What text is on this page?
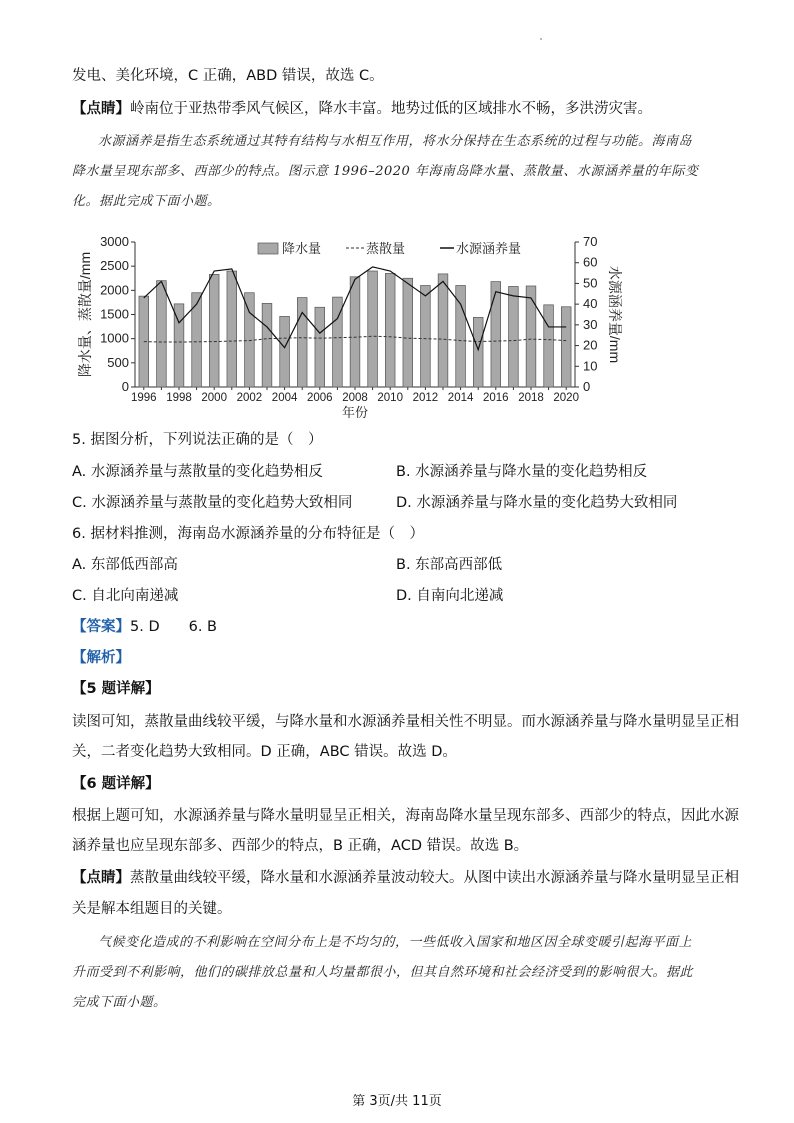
发电、美化环境，C 正确，ABD 错误，故选 C。
【点睛】岭南位于亚热带季风气候区，降水丰富。地势过低的区域排水不畅，多洪涝灾害。
水源涵养是指生态系统通过其特有结构与水相互作用，将水分保持在生态系统的过程与功能。海南岛
降水量呈现东部多、西部少的特点。图示意 1996–2020 年海南岛降水量、蒸散量、水源涵养量的年际变
化。据此完成下面小题。
0
500
1000
1500
2000
2500
3000
0
10
20
30
40
50
60
70
1996 1998 2000 2002 2004 2006 2008 2010 2012 2014 2016 2018 2020
降水量	蒸散量	水源涵养量
降水量、蒸散量/mm	水源涵养量/mm
年份
5. 据图分析，下列说法正确的是（　）
A. 水源涵养量与蒸散量的变化趋势相反	B. 水源涵养量与降水量的变化趋势相反
C. 水源涵养量与蒸散量的变化趋势大致相同	D. 水源涵养量与降水量的变化趋势大致相同
6. 据材料推测，海南岛水源涵养量的分布特征是（　）
A. 东部低西部高	B. 东部高西部低
C. 自北向南递减	D. 自南向北递减
【答案】5. D　　6. B
【解析】
【5 题详解】
读图可知，蒸散量曲线较平缓，与降水量和水源涵养量相关性不明显。而水源涵养量与降水量明显呈正相
关，二者变化趋势大致相同。D 正确，ABC 错误。故选 D。
【6 题详解】
根据上题可知，水源涵养量与降水量明显呈正相关，海南岛降水量呈现东部多、西部少的特点，因此水源
涵养量也应呈现东部多、西部少的特点，B 正确，ACD 错误。故选 B。
【点睛】蒸散量曲线较平缓，降水量和水源涵养量波动较大。从图中读出水源涵养量与降水量明显呈正相
关是解本组题目的关键。
气候变化造成的不利影响在空间分布上是不均匀的，一些低收入国家和地区因全球变暖引起海平面上
升而受到不利影响，他们的碳排放总量和人均量都很小，但其自然环境和社会经济受到的影响很大。据此
完成下面小题。
第 3页/共 11页
